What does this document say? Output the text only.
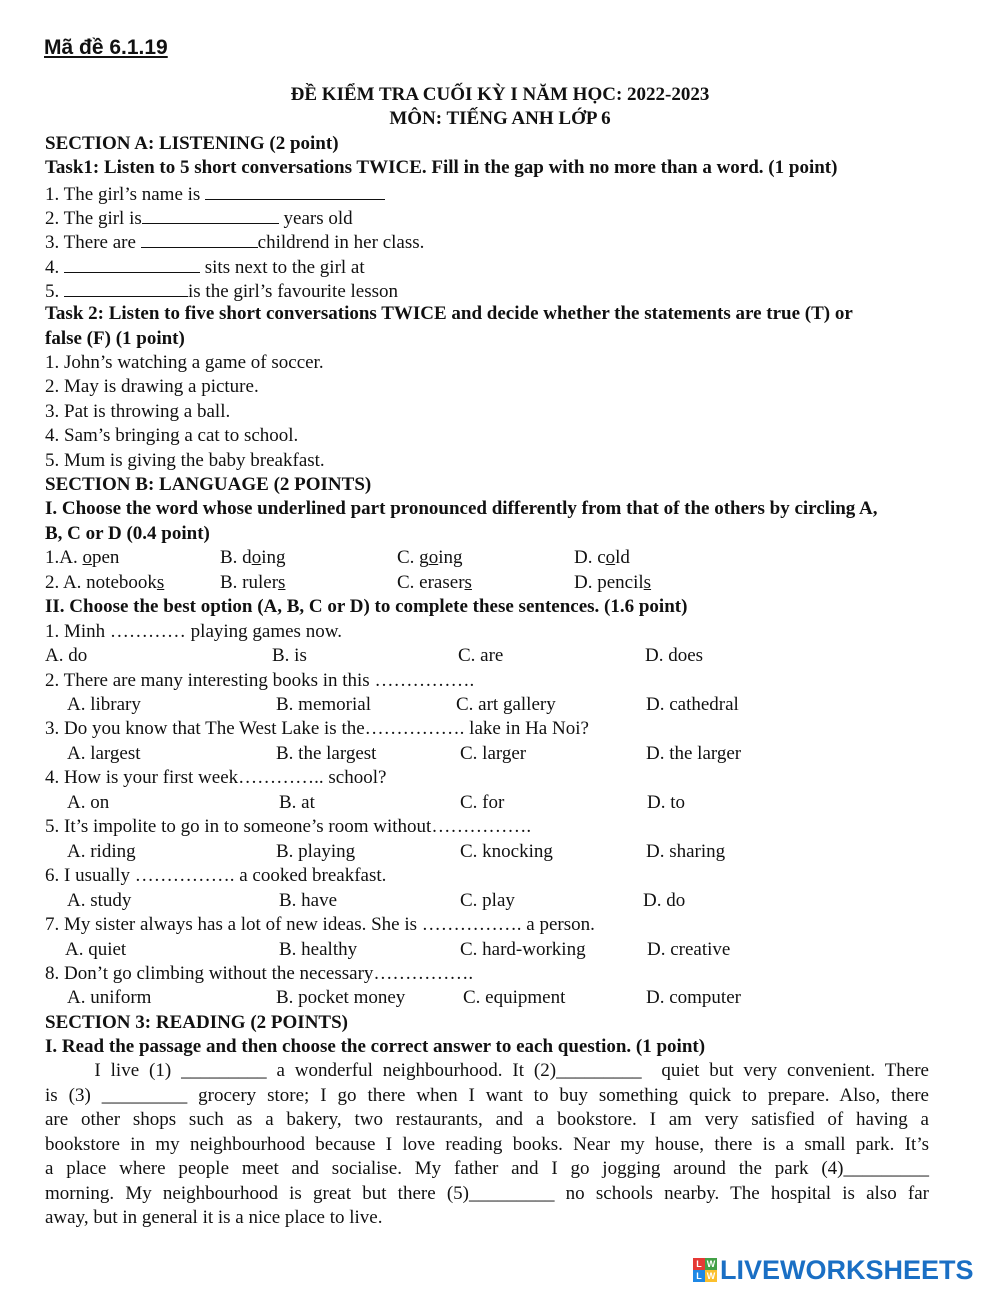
Mã đề 6.1.19
ĐỀ KIỂM TRA CUỐI KỲ I NĂM HỌC: 2022-2023
MÔN: TIẾNG ANH LỚP 6
SECTION A: LISTENING (2 point)
Task1: Listen to 5 short conversations TWICE. Fill in the gap with no more than a word. (1 point)
1. The girl’s name is
2. The girl is	years old
3. There are	childrend in her class.
4.	sits next to the girl at
5.	is the girl’s favourite lesson
Task 2: Listen to five short conversations TWICE and decide whether the statements are true (T) or
false (F) (1 point)
1. John’s watching a game of soccer.
2. May is drawing a picture.
3. Pat is throwing a ball.
4. Sam’s bringing a cat to school.
5. Mum is giving the baby breakfast.
SECTION B: LANGUAGE (2 POINTS)
I. Choose the word whose underlined part pronounced differently from that of the others by circling A,
B, C or D (0.4 point)
1.A. open	B. doing	C. going	D. cold
2. A. notebooks	B. rulers	C. erasers	D. pencils
II. Choose the best option (A, B, C or D) to complete these sentences. (1.6 point)
1. Minh ………… playing games now.
A. do	B. is	C. are	D. does
2. There are many interesting books in this …………….
A. library	B. memorial	C. art gallery	D. cathedral
3. Do you know that The West Lake is the……………. lake in Ha Noi?
A. largest	B. the largest	C. larger	D. the larger
4. How is your first week………….. school?
A. on	B. at	C. for	D. to
5. It’s impolite to go in to someone’s room without…………….
A. riding	B. playing	C. knocking	D. sharing
6. I usually ……………. a cooked breakfast.
A. study	B. have	C. play	D. do
7. My sister always has a lot of new ideas. She is ……………. a person.
A. quiet	B. healthy	C. hard-working	D. creative
8. Don’t go climbing without the necessary…………….
A. uniform	B. pocket money	C. equipment	D. computer
SECTION 3: READING (2 POINTS)
I. Read the passage and then choose the correct answer to each question. (1 point)
I live (1) _________ a wonderful neighbourhood. It (2)_________  quiet but very convenient. There
is (3) _________ grocery store; I go there when I want to buy something quick to prepare. Also, there
are other shops such as a bakery, two restaurants, and a bookstore. I am very satisfied of having a
bookstore in my neighbourhood because I love reading books. Near my house, there is a small park. It’s
a place where people meet and socialise. My father and I go jogging around the park (4)_________
morning. My neighbourhood is great but there (5)_________ no schools nearby. The hospital is also far
away, but in general it is a nice place to live.
L W
L W LIVEWORKSHEETS
